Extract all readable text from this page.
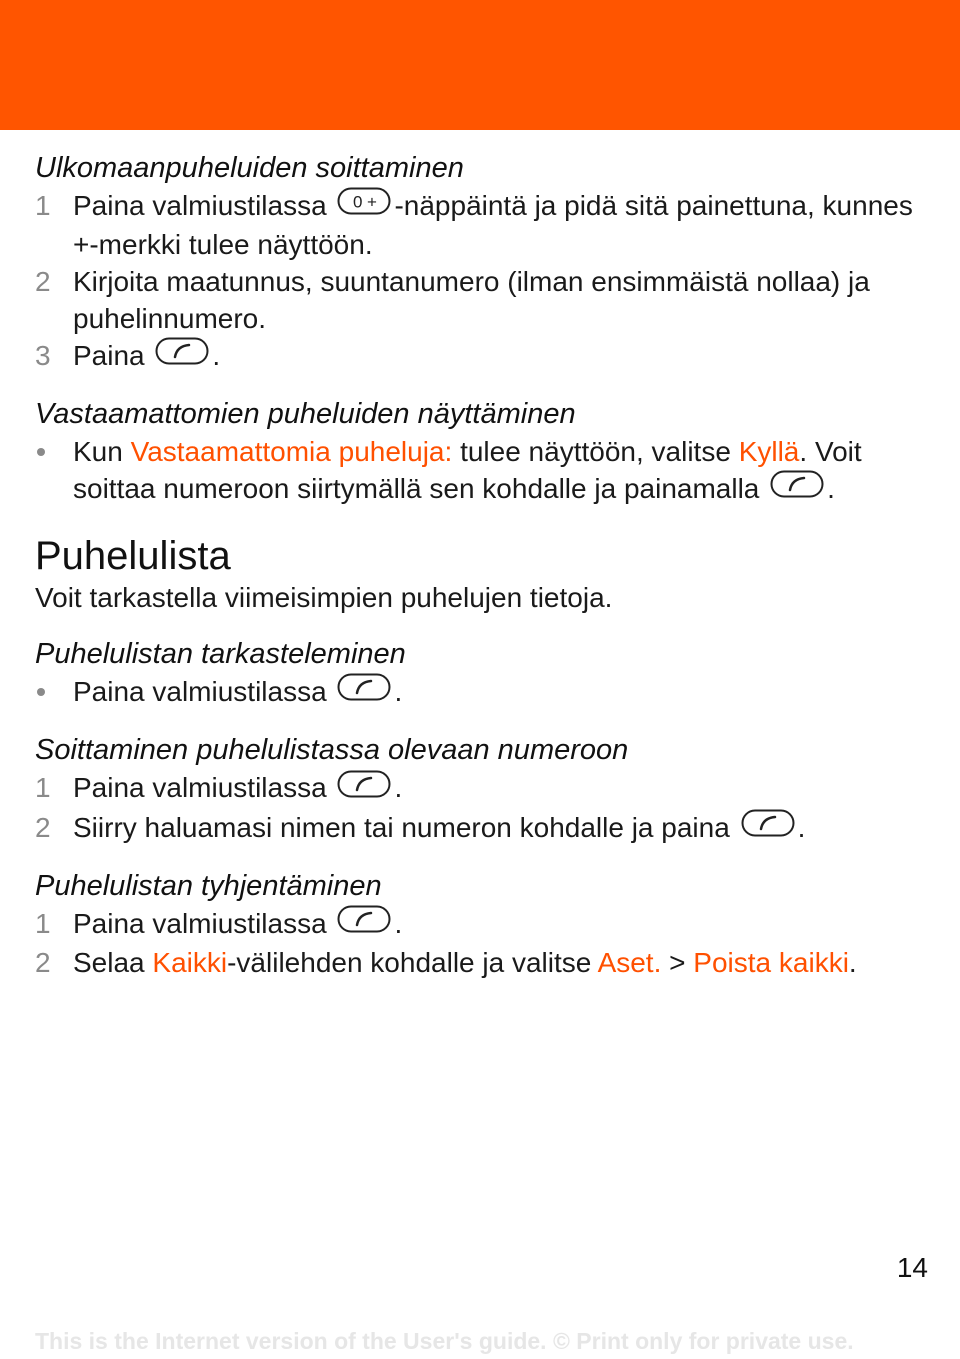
Ulkomaanpuheluiden soittaminen
1 Paina valmiustilassa 0 + -näppäintä ja pidä sitä painettuna, kunnes +-merkki tulee näyttöön.
2 Kirjoita maatunnus, suuntanumero (ilman ensimmäistä nollaa) ja puhelinnumero.
3 Paina .
Vastaamattomien puheluiden näyttäminen
Kun Vastaamattomia puheluja: tulee näyttöön, valitse Kyllä. Voit soittaa numeroon siirtymällä sen kohdalle ja painamalla .
Puhelulista

Voit tarkastella viimeisimpien puhelujen tietoja.

Puhelulistan tarkasteleminen
Paina valmiustilassa .
Soittaminen puhelulistassa olevaan numeroon
1 Paina valmiustilassa .
2 Siirry haluamasi nimen tai numeron kohdalle ja paina .
Puhelulistan tyhjentäminen
1 Paina valmiustilassa .
2 Selaa Kaikki-välilehden kohdalle ja valitse Aset. > Poista kaikki.
14
This is the Internet version of the User's guide. © Print only for private use.
